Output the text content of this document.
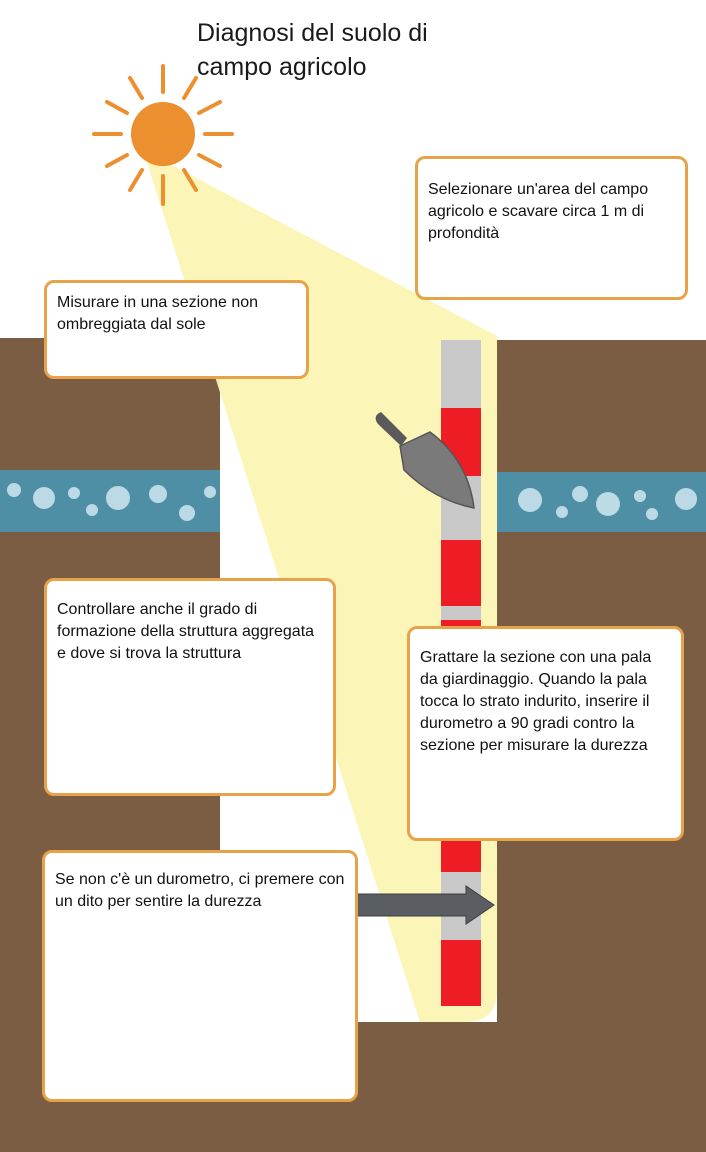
Diagnosi del suolo di campo agricolo
Selezionare un'area del campo agricolo e scavare circa 1 m di profondità
Misurare in una sezione non ombreggiata dal sole
Controllare anche il grado di formazione della struttura aggregata e dove si trova la struttura	Grattare la sezione con una pala da giardinaggio. Quando la pala tocca lo strato indurito, inserire il durometro a 90 gradi contro la sezione per misurare la durezza
Se non c'è un durometro, ci premere con un dito per sentire la durezza
